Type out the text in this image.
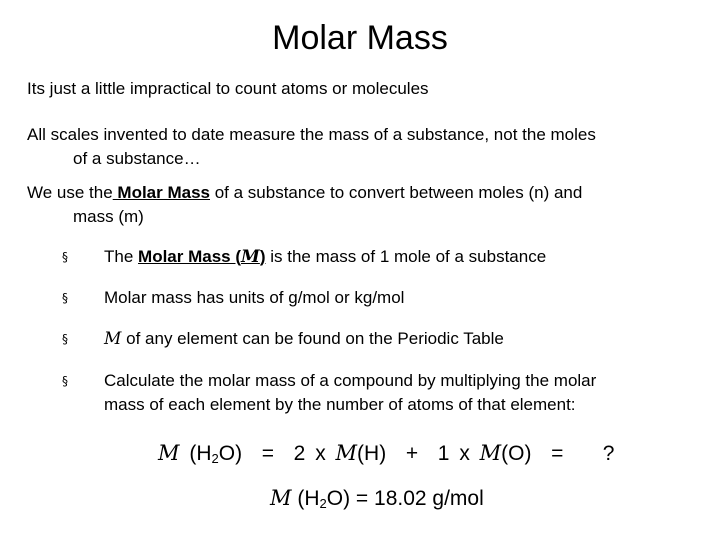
Molar Mass
Its just a little impractical to count atoms or molecules
All scales invented to date measure the mass of a substance, not the moles
of a substance…
We use the Molar Mass of a substance to convert between moles (n) and
mass (m)
§	The Molar Mass (M) is the mass of 1 mole of a substance
§	Molar mass has units of g/mol or kg/mol
§	M of any element can be found on the Periodic Table
§	Calculate the molar mass of a compound by multiplying the molar
mass of each element by the number of atoms of that element:
M $(H_2O) = 2$ x M(H)  +  1 x M(O)  =    ?
M $(H_2O) = 18.02$ g/mol
